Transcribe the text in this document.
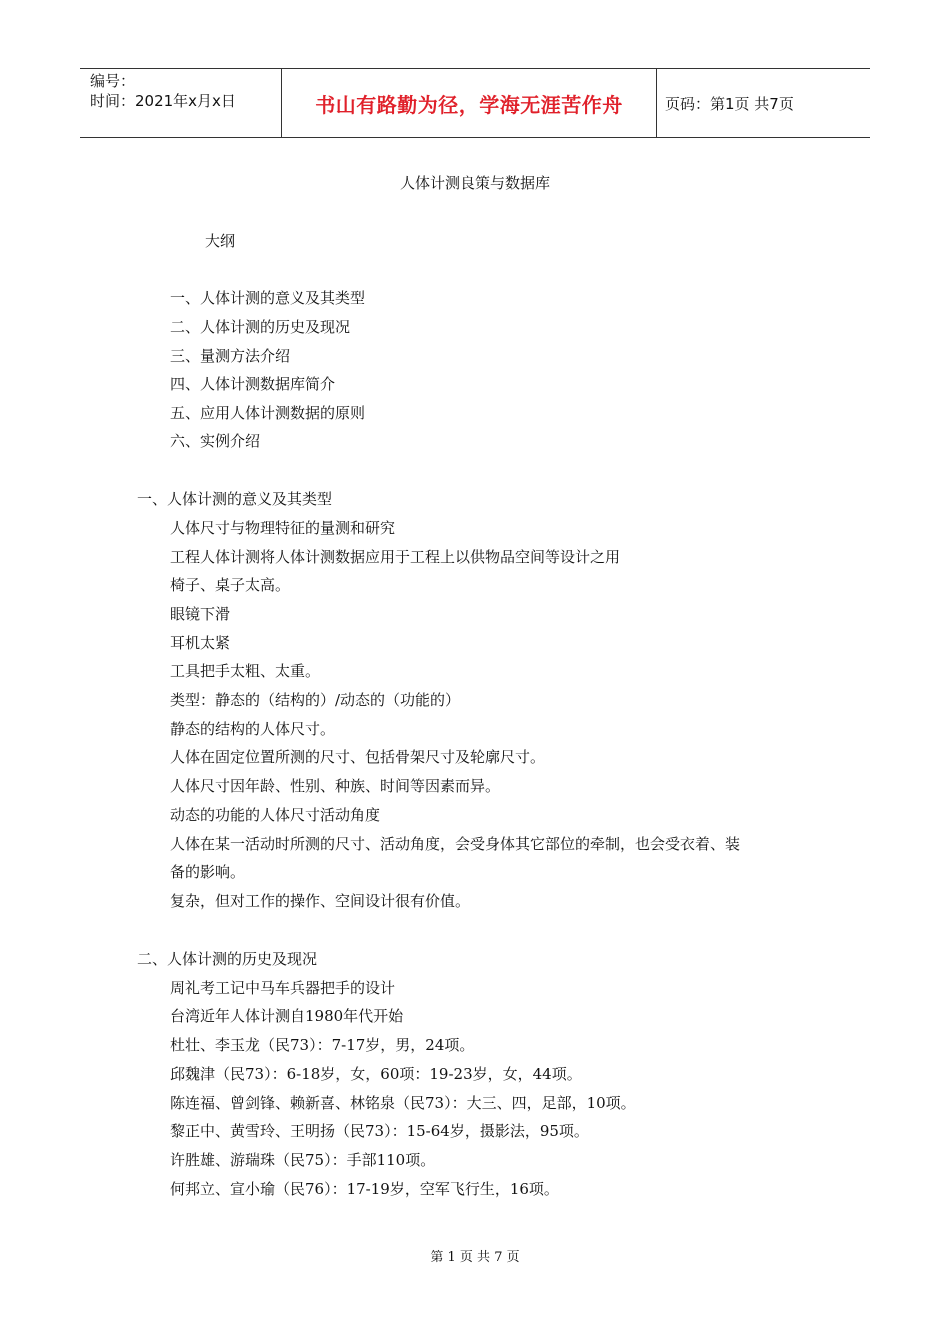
编号：
时间：2021年x月x日	书山有路勤为径，学海无涯苦作舟	页码：第1页 共7页
人体计测良策与数据库
大纲
一、人体计测的意义及其类型
二、人体计测的历史及现况
三、量测方法介绍
四、人体计测数据库简介
五、应用人体计测数据的原则
六、实例介绍
一、人体计测的意义及其类型
人体尺寸与物理特征的量测和研究
工程人体计测将人体计测数据应用于工程上以供物品空间等设计之用
椅子、桌子太高。
眼镜下滑
耳机太紧
工具把手太粗、太重。
类型：静态的（结构的）/动态的（功能的）
静态的结构的人体尺寸。
人体在固定位置所测的尺寸、包括骨架尺寸及轮廓尺寸。
人体尺寸因年龄、性别、种族、时间等因素而异。
动态的功能的人体尺寸活动角度
人体在某一活动时所测的尺寸、活动角度，会受身体其它部位的牵制，也会受衣着、装
备的影响。
复杂，但对工作的操作、空间设计很有价值。
二、人体计测的历史及现况
周礼考工记中马车兵器把手的设计
台湾近年人体计测自1980年代开始
杜壮、李玉龙（民73）：7-17岁，男，24项。
邱魏津（民73）：6-18岁，女，60项：19-23岁，女，44项。
陈连福、曾剑锋、赖新喜、林铭泉（民73）：大三、四，足部，10项。
黎正中、黄雪玲、王明扬（民73）：15-64岁，摄影法，95项。
许胜雄、游瑞珠（民75）：手部110项。
何邦立、宣小瑜（民76）：17-19岁，空军飞行生，16项。
第 1 页 共 7 页
